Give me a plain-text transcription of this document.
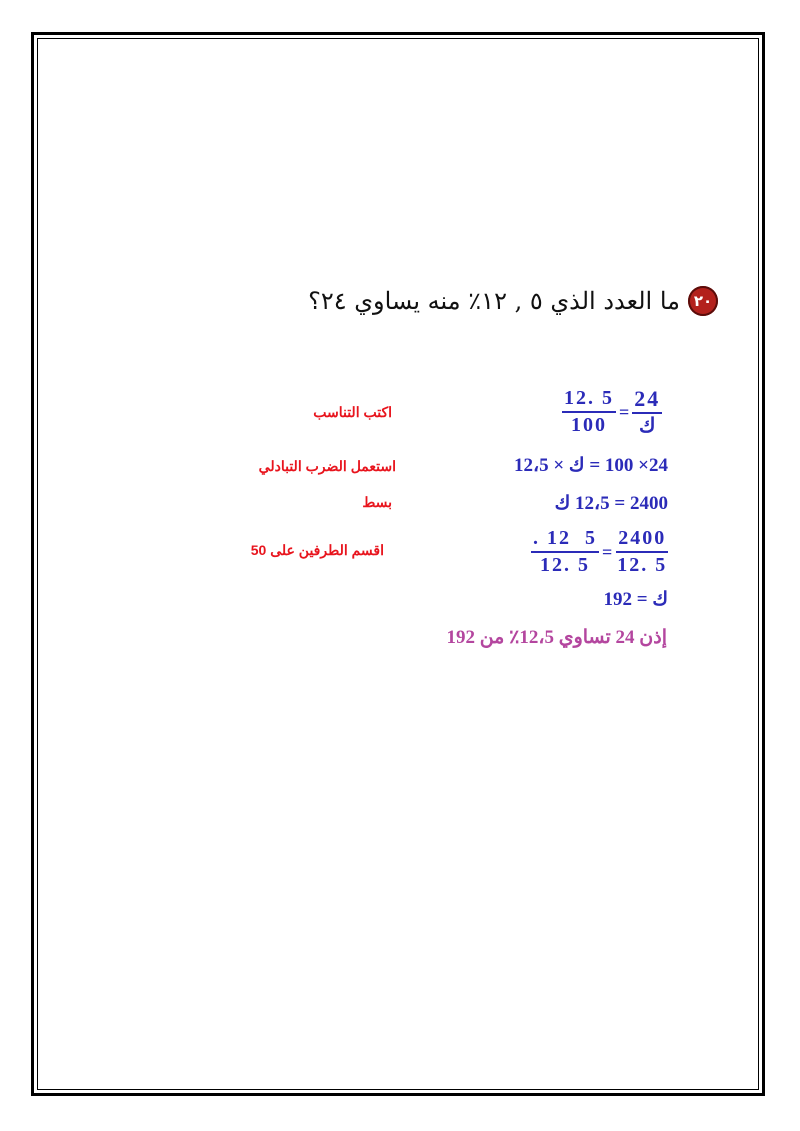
٢٠
ما العدد الذي ٥ , ١٢٪ منه يساوي ٢٤؟
$\frac{12. 5}{100} = \frac{24}{\text{ك}}$
اكتب التناسب
24× 100 = ك × 12،5
استعمل الضرب التبادلي
2400 = 12،5 ك
بسط
$\frac{. 12 5}{12. 5} = \frac{2400}{12. 5}$
اقسم الطرفين على 50
ك = 192
إذن 24 تساوي 12،5٪ من 192
